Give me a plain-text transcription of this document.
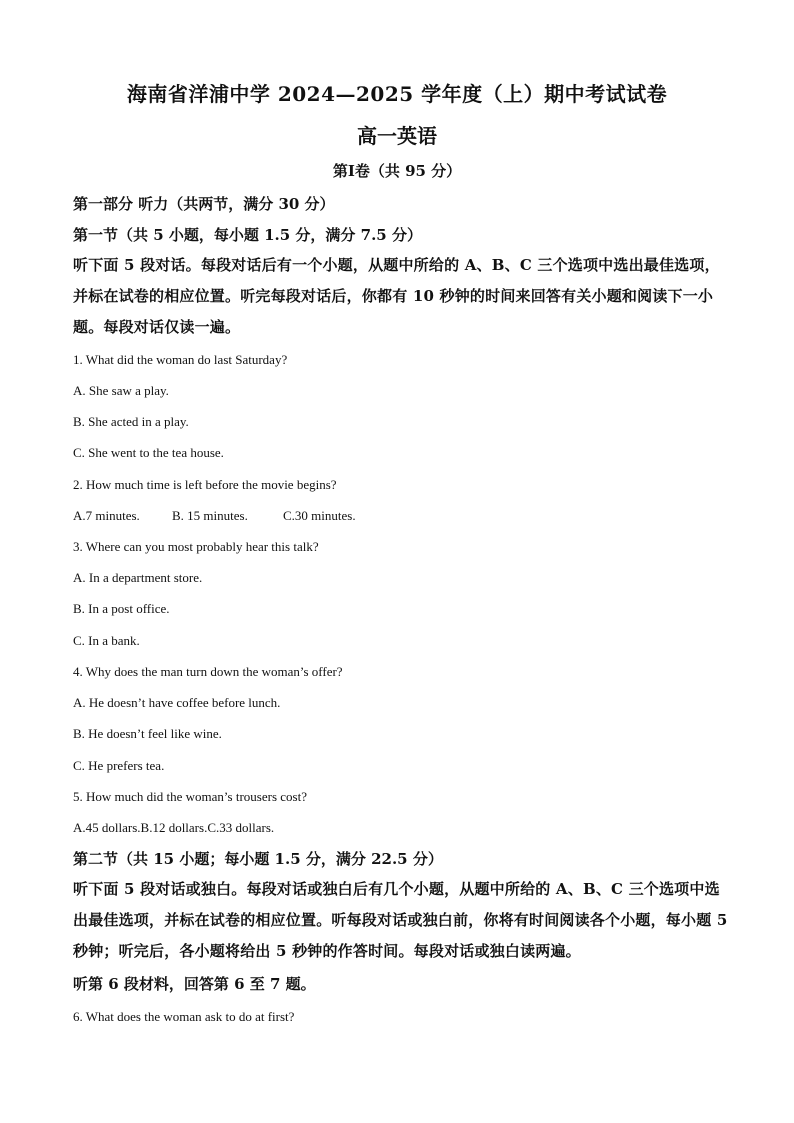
海南省洋浦中学 2024—2025 学年度（上）期中考试试卷
高一英语
第Ⅰ卷（共 95 分）
第一部分 听力（共两节，满分 30 分）
第一节（共 5 小题，每小题 1.5 分，满分 7.5 分）
听下面 5 段对话。每段对话后有一个小题，从题中所给的 A、B、C 三个选项中选出最佳选项，并标在试卷的相应位置。听完每段对话后，你都有 10 秒钟的时间来回答有关小题和阅读下一小题。每段对话仅读一遍。
1. What did the woman do last Saturday?
A. She saw a play.
B. She acted in a play.
C. She went to the tea house.
2. How much time is left before the movie begins?
A.7 minutes. B. 15 minutes.	C.30 minutes.
3. Where can you most probably hear this talk?
A. In a department store.
B. In a post office.
C. In a bank.
4. Why does the man turn down the woman’s offer?
A. He doesn’t have coffee before lunch.
B. He doesn’t feel like wine.
C. He prefers tea.
5. How much did the woman’s trousers cost?
A.45 dollars.B.12 dollars.C.33 dollars.
第二节（共 15 小题；每小题 1.5 分，满分 22.5 分）
听下面 5 段对话或独白。每段对话或独白后有几个小题，从题中所给的 A、B、C 三个选项中选出最佳选项，并标在试卷的相应位置。听每段对话或独白前，你将有时间阅读各个小题，每小题 5 秒钟；听完后，各小题将给出 5 秒钟的作答时间。每段对话或独白读两遍。
听第 6 段材料，回答第 6 至 7 题。
6. What does the woman ask to do at first?
